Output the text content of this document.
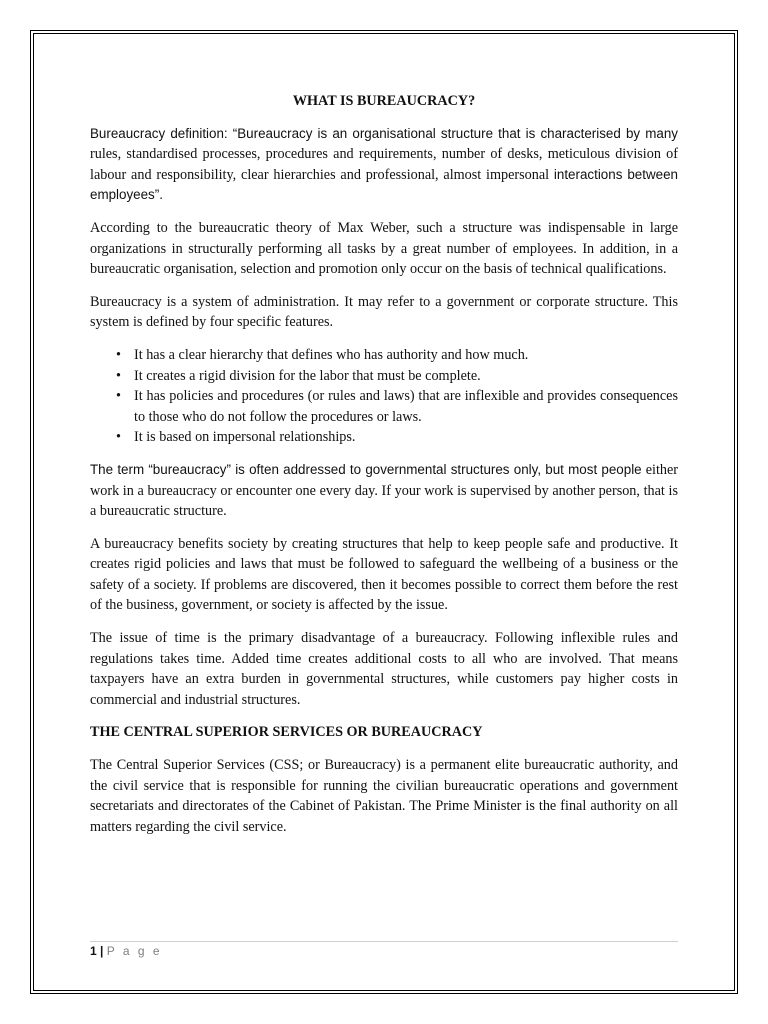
WHAT IS BUREAUCRACY?

Bureaucracy definition: “Bureaucracy is an organisational structure that is characterised by many rules, standardised processes, procedures and requirements, number of desks, meticulous division of labour and responsibility, clear hierarchies and professional, almost impersonal interactions between employees”.

According to the bureaucratic theory of Max Weber, such a structure was indispensable in large organizations in structurally performing all tasks by a great number of employees. In addition, in a bureaucratic organisation, selection and promotion only occur on the basis of technical qualifications.

Bureaucracy is a system of administration. It may refer to a government or corporate structure. This system is defined by four specific features.

• It has a clear hierarchy that defines who has authority and how much.
• It creates a rigid division for the labor that must be complete.
• It has policies and procedures (or rules and laws) that are inflexible and provides consequences to those who do not follow the procedures or laws.
• It is based on impersonal relationships.

The term “bureaucracy” is often addressed to governmental structures only, but most people either work in a bureaucracy or encounter one every day. If your work is supervised by another person, that is a bureaucratic structure.

A bureaucracy benefits society by creating structures that help to keep people safe and productive. It creates rigid policies and laws that must be followed to safeguard the wellbeing of a business or the safety of a society. If problems are discovered, then it becomes possible to correct them before the rest of the business, government, or society is affected by the issue.

The issue of time is the primary disadvantage of a bureaucracy. Following inflexible rules and regulations takes time. Added time creates additional costs to all who are involved. That means taxpayers have an extra burden in governmental structures, while customers pay higher costs in commercial and industrial structures.

THE CENTRAL SUPERIOR SERVICES OR BUREAUCRACY

The Central Superior Services (CSS; or Bureaucracy) is a permanent elite bureaucratic authority, and the civil service that is responsible for running the civilian bureaucratic operations and government secretariats and directorates of the Cabinet of Pakistan. The Prime Minister is the final authority on all matters regarding the civil service.

1 | P a g e
